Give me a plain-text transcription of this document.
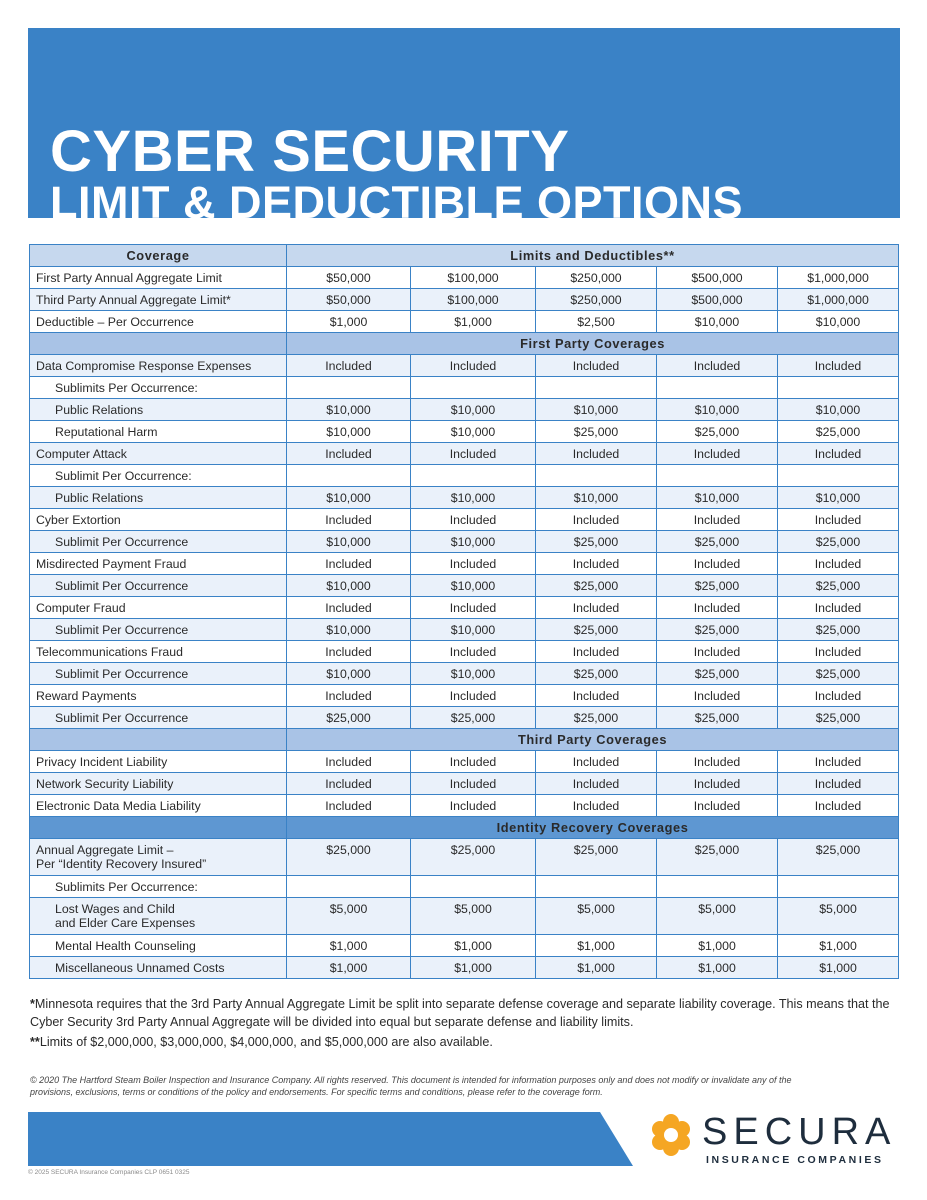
CYBER SECURITY
LIMIT & DEDUCTIBLE OPTIONS
Coverage	Limits and Deductibles**				
First Party Annual Aggregate Limit	$50,000	$100,000	$250,000	$500,000	$1,000,000
Third Party Annual Aggregate Limit*	$50,000	$100,000	$250,000	$500,000	$1,000,000
Deductible – Per Occurrence	$1,000	$1,000	$2,500	$10,000	$10,000
	First Party Coverages				
Data Compromise Response Expenses	Included	Included	Included	Included	Included
Sublimits Per Occurrence:					
Public Relations	$10,000	$10,000	$10,000	$10,000	$10,000
Reputational Harm	$10,000	$10,000	$25,000	$25,000	$25,000
Computer Attack	Included	Included	Included	Included	Included
Sublimit Per Occurrence:					
Public Relations	$10,000	$10,000	$10,000	$10,000	$10,000
Cyber Extortion	Included	Included	Included	Included	Included
Sublimit Per Occurrence	$10,000	$10,000	$25,000	$25,000	$25,000
Misdirected Payment Fraud	Included	Included	Included	Included	Included
Sublimit Per Occurrence	$10,000	$10,000	$25,000	$25,000	$25,000
Computer Fraud	Included	Included	Included	Included	Included
Sublimit Per Occurrence	$10,000	$10,000	$25,000	$25,000	$25,000
Telecommunications Fraud	Included	Included	Included	Included	Included
Sublimit Per Occurrence	$10,000	$10,000	$25,000	$25,000	$25,000
Reward Payments	Included	Included	Included	Included	Included
Sublimit Per Occurrence	$25,000	$25,000	$25,000	$25,000	$25,000
	Third Party Coverages				
Privacy Incident Liability	Included	Included	Included	Included	Included
Network Security Liability	Included	Included	Included	Included	Included
Electronic Data Media Liability	Included	Included	Included	Included	Included
	Identity Recovery Coverages				
Annual Aggregate Limit –
Per “Identity Recovery Insured”	$25,000	$25,000	$25,000	$25,000	$25,000
Sublimits Per Occurrence:					
Lost Wages and Child
and Elder Care Expenses	$5,000	$5,000	$5,000	$5,000	$5,000
Mental Health Counseling	$1,000	$1,000	$1,000	$1,000	$1,000
Miscellaneous Unnamed Costs	$1,000	$1,000	$1,000	$1,000	$1,000

*Minnesota requires that the 3rd Party Annual Aggregate Limit be split into separate defense coverage and separate liability coverage. This means that the Cyber Security 3rd Party Annual Aggregate will be divided into equal but separate defense and liability limits.

**Limits of $2,000,000, $3,000,000, $4,000,000, and $5,000,000 are also available.

© 2020 The Hartford Steam Boiler Inspection and Insurance Company. All rights reserved. This document is intended for information purposes only and does not modify or invalidate any of the provisions, exclusions, terms or conditions of the policy and endorsements. For specific terms and conditions, please refer to the coverage form.
SECURA
INSURANCE COMPANIES
© 2025 SECURA Insurance Companies CLP 0651 0325
